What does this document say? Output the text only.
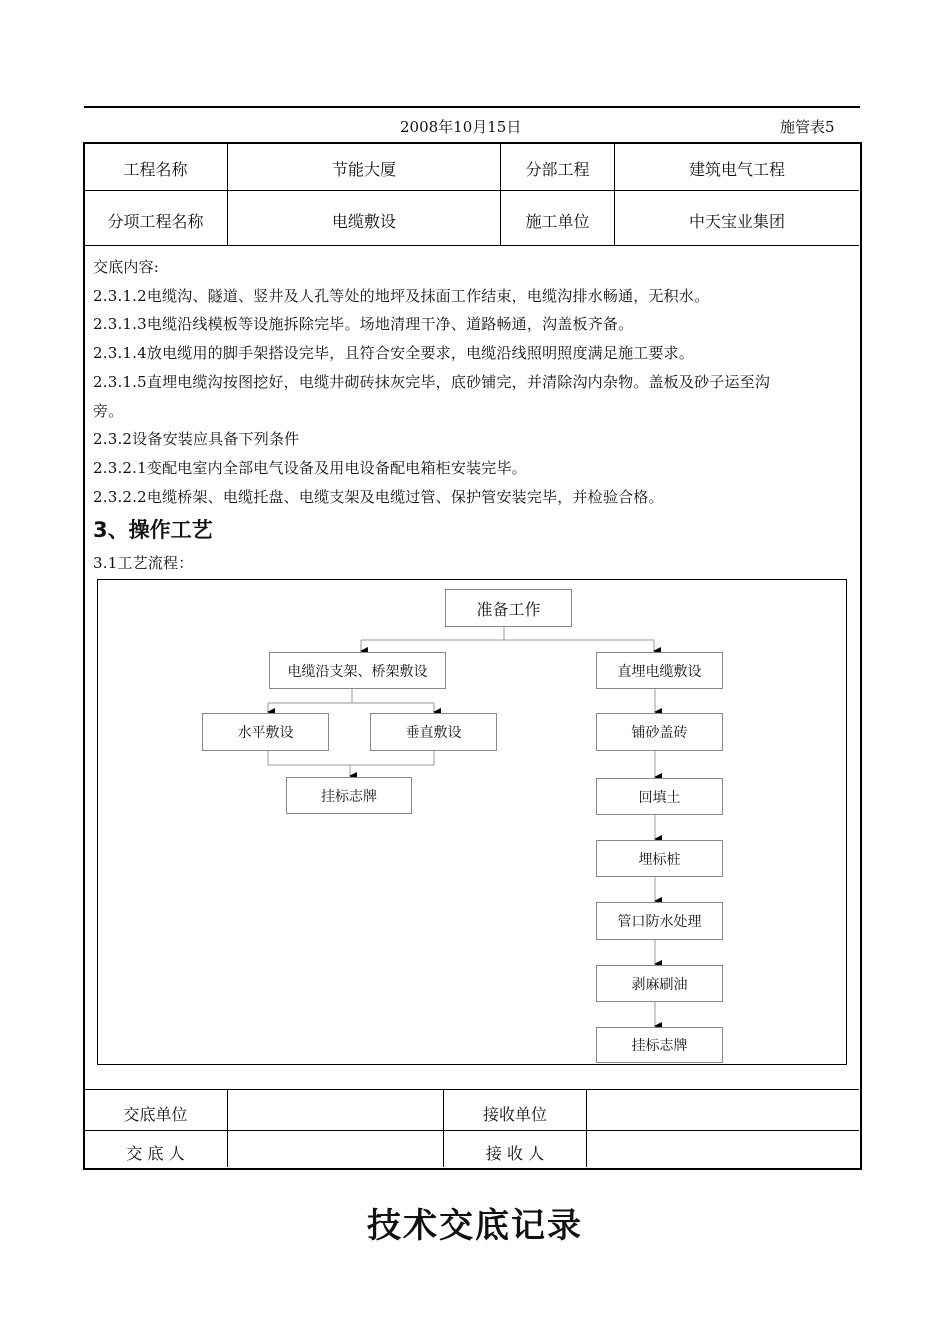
2008年10月15日	施管表5
工程名称	节能大厦	分部工程	建筑电气工程
分项工程名称	电缆敷设	施工单位	中天宝业集团
交底内容:
2.3.1.2电缆沟、隧道、竖井及人孔等处的地坪及抹面工作结束，电缆沟排水畅通，无积水。
2.3.1.3电缆沿线模板等设施拆除完毕。场地清理干净、道路畅通，沟盖板齐备。
2.3.1.4放电缆用的脚手架搭设完毕，且符合安全要求，电缆沿线照明照度满足施工要求。
2.3.1.5直埋电缆沟按图挖好，电缆井砌砖抹灰完毕，底砂铺完，并清除沟内杂物。盖板及砂子运至沟
旁。
2.3.2设备安装应具备下列条件
2.3.2.1变配电室内全部电气设备及用电设备配电箱柜安装完毕。
2.3.2.2电缆桥架、电缆托盘、电缆支架及电缆过管、保护管安装完毕，并检验合格。
3、操作工艺
3.1工艺流程：
准备工作
电缆沿支架、桥架敷设
水平敷设	垂直敷设
挂标志牌
直埋电缆敷设
铺砂盖砖
回填土
埋标桩
管口防水处理
剥麻刷油
挂标志牌
交底单位	接收单位
交 底 人	接 收 人
技术交底记录
